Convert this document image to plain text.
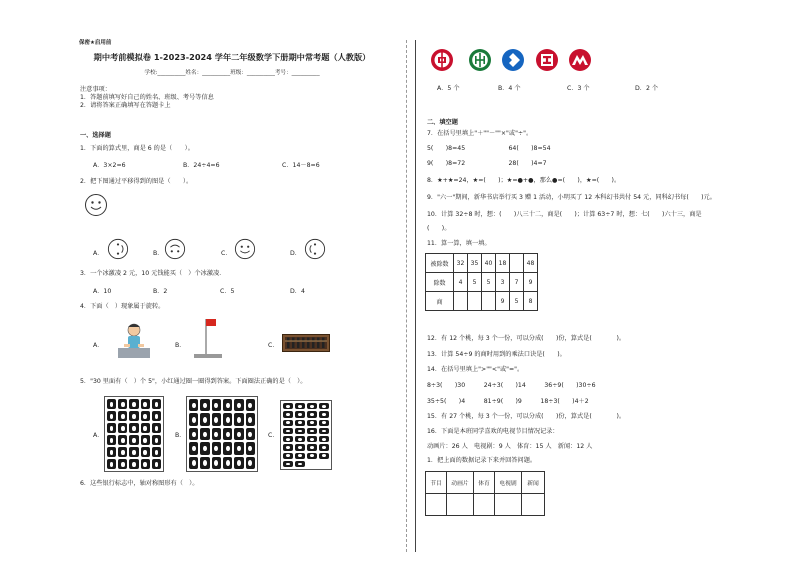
保密★启用前
期中考前模拟卷 1-2023-2024 学年二年级数学下册期中常考题（人教版）
学校:__________姓名：__________班级：__________考号：__________
注意事项：
1．答题前填写好自己的姓名、班级、考号等信息
2．请将答案正确填写在答题卡上
一、选择题
1．下面的算式里，商是 6 的是（　　）。
A．3×2=6	B．24÷4=6	C．14－8=6
2．把下图通过平移得到的图是（　　）。
A．	B．	C．	D．
3．一个冰激凌 2 元，10 元钱能买（　）个冰激凌．
A．10	B．2	C．5	D．4
4．下面（　）现象属于旋转。
A．	B．	C．
5．"30 里面有（　）个 5"，小红通过圈一圈得到答案。下面圈法正确的是（　）。
A．	B．	C．
6．这些银行标志中，轴对称图形有（　）。
A．5 个	B．4 个	C．3 个	D．2 个
二、填空题
7．在括号里填上"＋""－""×"或"÷"。
5(　　)8=45　　　　　　　64(　　)8=54
9(　　)8=72　　　　　　　28(　　)4=7
8．★+★=24，★=(　　)；★=●+●，那么●=(　　)，★=(　　)。
9．"六一"期间，新华书店举行买 3 赠 1 活动，小明买了 12 本科幻书共付 54 元，同科幻书每(　　)元。
10．计算 32÷8 时，想：(　　)八三十二，商是(　　)；计算 63÷7 时，想：七(　　)六十三，商是
(　　)。
11．算一算，填一填。
被除数	32	35	40	18		48
除数	4	5	5	3	7	9
商				9	5	8
12．有 12 个桃，每 3 个一份，可以分成(　　)份，算式是(　　　　)。
13．计算 54÷9 的商时用到的乘法口诀是(　　)。
14．在括号里填上">""<"或"="。
8÷3(　　)30　　　24÷3(　　)14　　　36÷9(　　)30÷6
35÷5(　　)4　　　81÷9(　　)9　　　18÷3(　　)4＋2
15．有 27 个桃，每 3 个一份，可以分成(　　)份，算式是(　　　　)。
16．下面是本班同学喜欢的电视节目情况记录：
动画片：26 人　电视剧：9 人　体育：15 人　新闻：12 人
1．把上面的数据记录下来并回答问题。
节目	动画片	体育	电视剧	新闻
